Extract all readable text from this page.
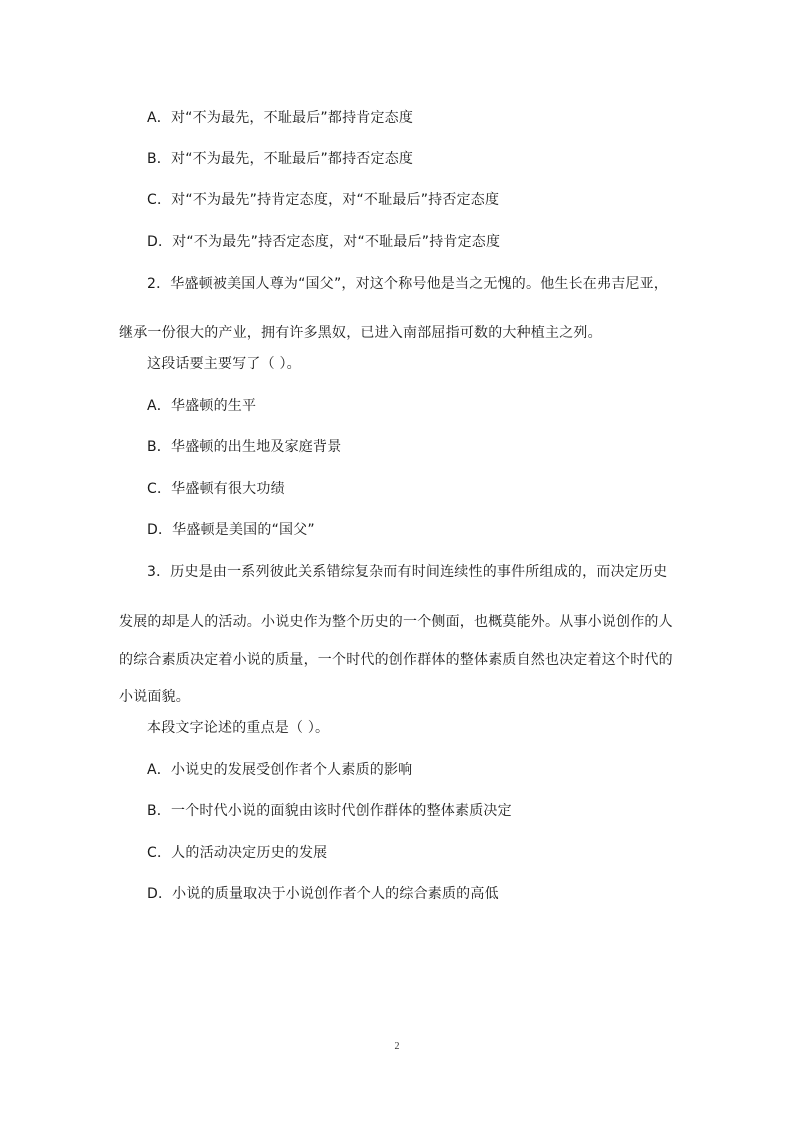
A．对“不为最先，不耻最后”都持肯定态度
B．对“不为最先，不耻最后”都持否定态度
C．对“不为最先”持肯定态度，对“不耻最后”持否定态度
D．对“不为最先”持否定态度，对“不耻最后”持肯定态度
2．华盛顿被美国人尊为“国父”，对这个称号他是当之无愧的。他生长在弗吉尼亚，
继承一份很大的产业，拥有许多黑奴，已进入南部屈指可数的大种植主之列。
这段话要主要写了（ ）。
A．华盛顿的生平
B．华盛顿的出生地及家庭背景
C．华盛顿有很大功绩
D．华盛顿是美国的“国父”
3．历史是由一系列彼此关系错综复杂而有时间连续性的事件所组成的，而决定历史
发展的却是人的活动。小说史作为整个历史的一个侧面，也概莫能外。从事小说创作的人
的综合素质决定着小说的质量，一个时代的创作群体的整体素质自然也决定着这个时代的
小说面貌。
本段文字论述的重点是（ ）。
A．小说史的发展受创作者个人素质的影响
B．一个时代小说的面貌由该时代创作群体的整体素质决定
C．人的活动决定历史的发展
D．小说的质量取决于小说创作者个人的综合素质的高低
2
